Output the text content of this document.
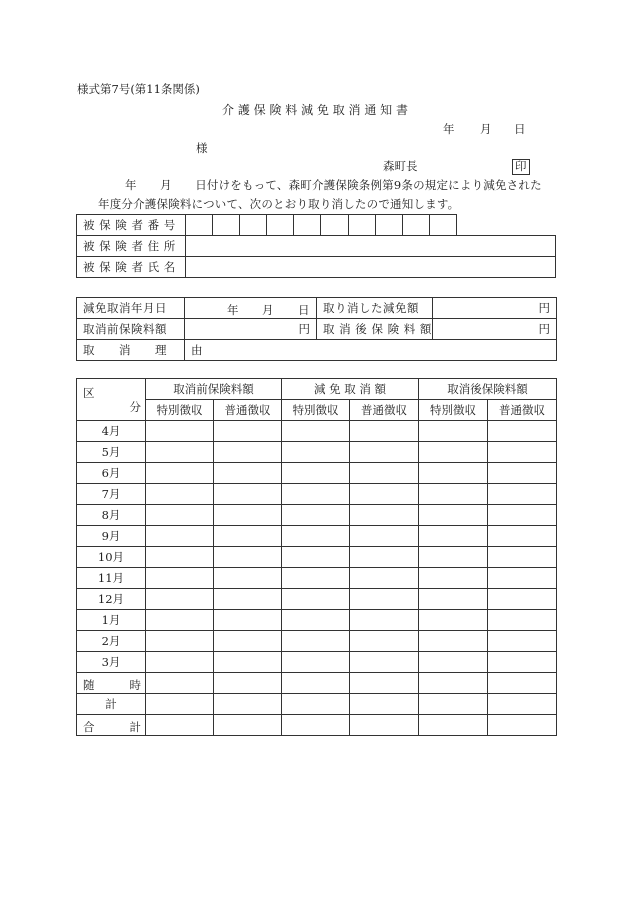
様式第7号(第11条関係)
介 護 保 険 料 減 免 取 消 通 知 書
年 月 日
様
森町長	印
年　　月　　日付けをもって、森町介護保険条例第9条の規定により減免された
年度分介護保険料について、次のとおり取り消したので通知します。
被 保 険 者 番 号											
被 保 険 者 住 所											
被 保 険 者 氏 名											
減免取消年月日	年 月 日	取り消した減免額	円
取消前保険料額	円	取 消 後 保 険 料 額	円
取　　消　　理　　由			
区
分	取消前保険料額		減 免 取 消 額		取消後保険料額	
	特別徴収	普通徴収	特別徴収	普通徴収	特別徴収	普通徴収
4月						
5月						
6月						
7月						
8月						
9月						
10月						
11月						
12月						
1月						
2月						
3月						

随 時						

計						

合 計						
